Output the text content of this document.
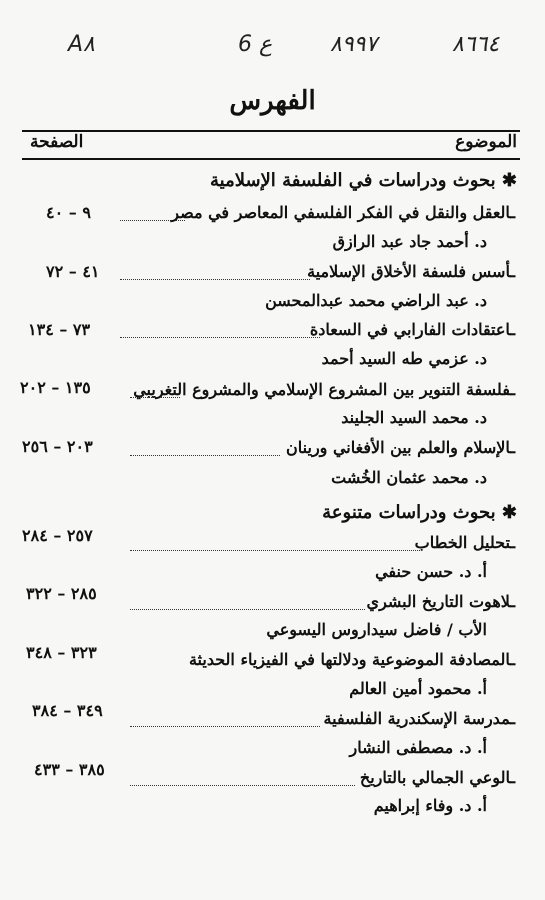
٨٦٦٤
٨٩٩٧
ع 6
A٨
الفهرس
الموضوع
الصفحة
✱ بحوث ودراسات في الفلسفة الإسلامية
٩ – ٤٠	ـالعقل والنقل في الفكر الفلسفي المعاصر في مصر
د. أحمد جاد عبد الرازق
٤١ – ٧٢	ـأسس فلسفة الأخلاق الإسلامية
د. عبد الراضي محمد عبدالمحسن
٧٣ – ١٣٤	ـاعتقادات الفارابي في السعادة
د. عزمي طه السيد أحمد
١٣٥ – ٢٠٢	ـفلسفة التنوير بين المشروع الإسلامي والمشروع التغريبي
د. محمد السيد الجليند
٢٠٣ – ٢٥٦	ـالإسلام والعلم بين الأفغاني ورينان
د. محمد عثمان الخُشت
✱ بحوث ودراسات متنوعة
٢٥٧ – ٢٨٤	ـتحليل الخطاب
أ. د. حسن حنفي
٢٨٥ – ٣٢٢	ـلاهوت التاريخ البشري
الأب / فاضل سيداروس اليسوعي
٣٢٣ – ٣٤٨	ـالمصادفة الموضوعية ودلالتها في الفيزياء الحديثة
أ. محمود أمين العالم
٣٤٩ – ٣٨٤	ـمدرسة الإسكندرية الفلسفية
أ. د. مصطفى النشار
٣٨٥ – ٤٣٣	ـالوعي الجمالي بالتاريخ
أ. د. وفاء إبراهيم
